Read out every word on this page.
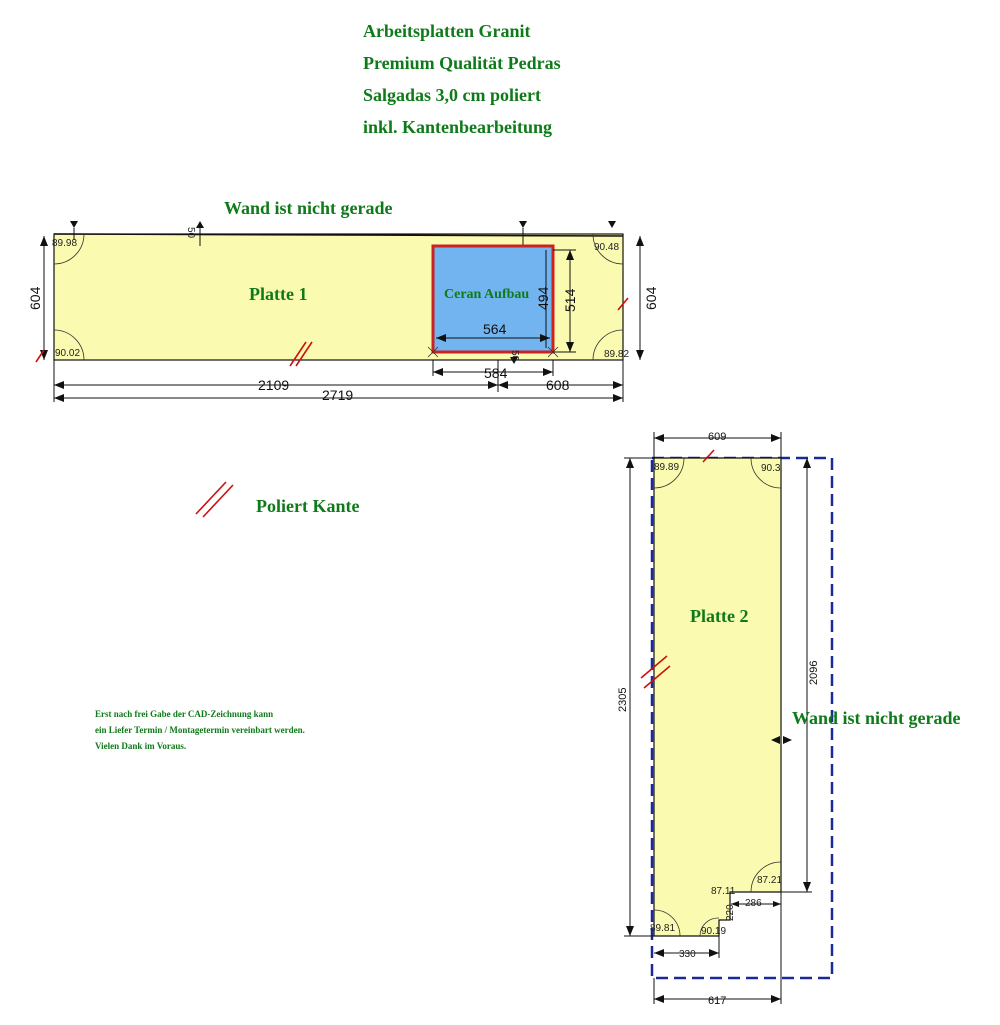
Arbeitsplatten Granit
Premium Qualität Pedras
Salgadas 3,0 cm poliert
inkl. Kantenbearbeitung
Wand ist nicht gerade
89.98	90.48
90.02	89.82
50
Ceran Aufbau
564
494 514
50
604	604
584
2109	608
2719
Platte 1
Poliert Kante
Erst nach frei Gabe der CAD-Zeichnung kann
ein Liefer Termin / Montagetermin vereinbart werden.
Vielen Dank im Voraus.
89.89	90.3
87.21
87.11
89.81	90.19
609
2305
2096
286
220
330
617
Wand ist nicht gerade
Platte 2
